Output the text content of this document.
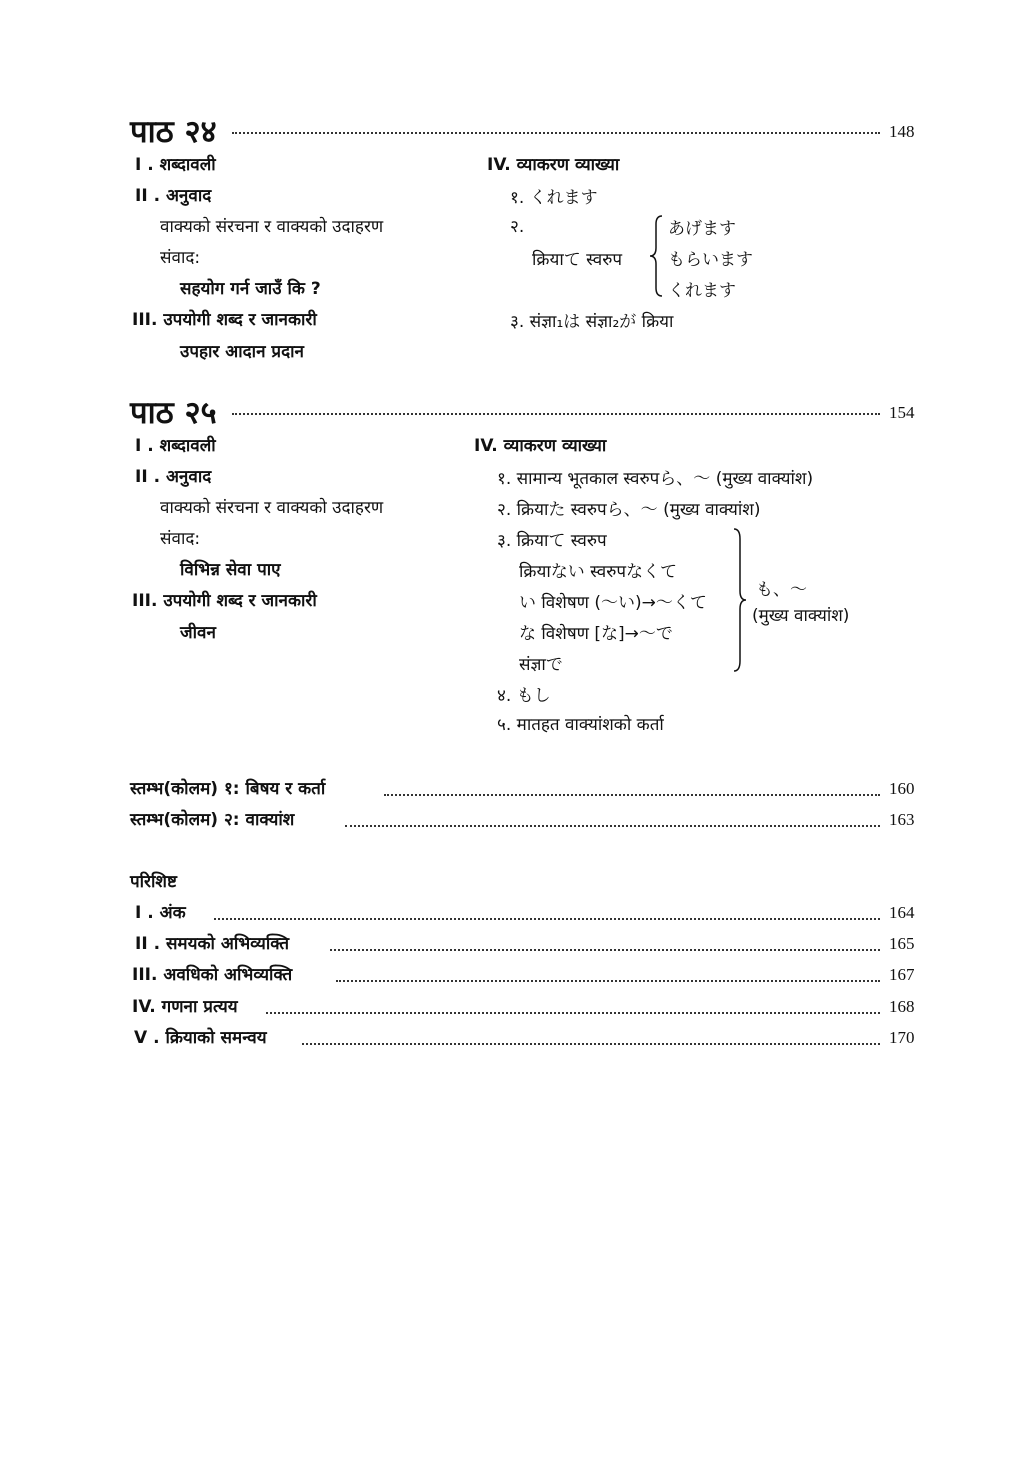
पाठ २४	148
I . शब्दावली
II . अनुवाद
वाक्यको संरचना र वाक्यको उदाहरण
संवाद:
सहयोग गर्न जाउँ कि ?
III. उपयोगी शब्द र जानकारी
उपहार आदान प्रदान
IV. व्याकरण व्याख्या
१. くれます
२.
क्रियाて स्वरुप
あげます
もらいます
くれます
३. संज्ञा₁は संज्ञा₂が क्रिया
पाठ २५	154
I . शब्दावली
II . अनुवाद
वाक्यको संरचना र वाक्यको उदाहरण
संवाद:
विभिन्न सेवा पाए
III. उपयोगी शब्द र जानकारी
जीवन
IV. व्याकरण व्याख्या
१. सामान्य भूतकाल स्वरुपら、～ (मुख्य वाक्यांश)
२. क्रियाた स्वरुपら、～ (मुख्य वाक्यांश)
३. क्रियाて स्वरुप
क्रियाない स्वरुपなくて
い विशेषण (～い)→～くて
な विशेषण [な]→～で
संज्ञाで
も、～
(मुख्य वाक्यांश)
४. もし
५. मातहत वाक्यांशको कर्ता
स्तम्भ(कोलम) १: बिषय र कर्ता	160
स्तम्भ(कोलम) २: वाक्यांश	163
परिशिष्ट
I . अंक	164
II . समयको अभिव्यक्ति	165
III. अवधिको अभिव्यक्ति	167
IV. गणना प्रत्यय	168
V . क्रियाको समन्वय	170
